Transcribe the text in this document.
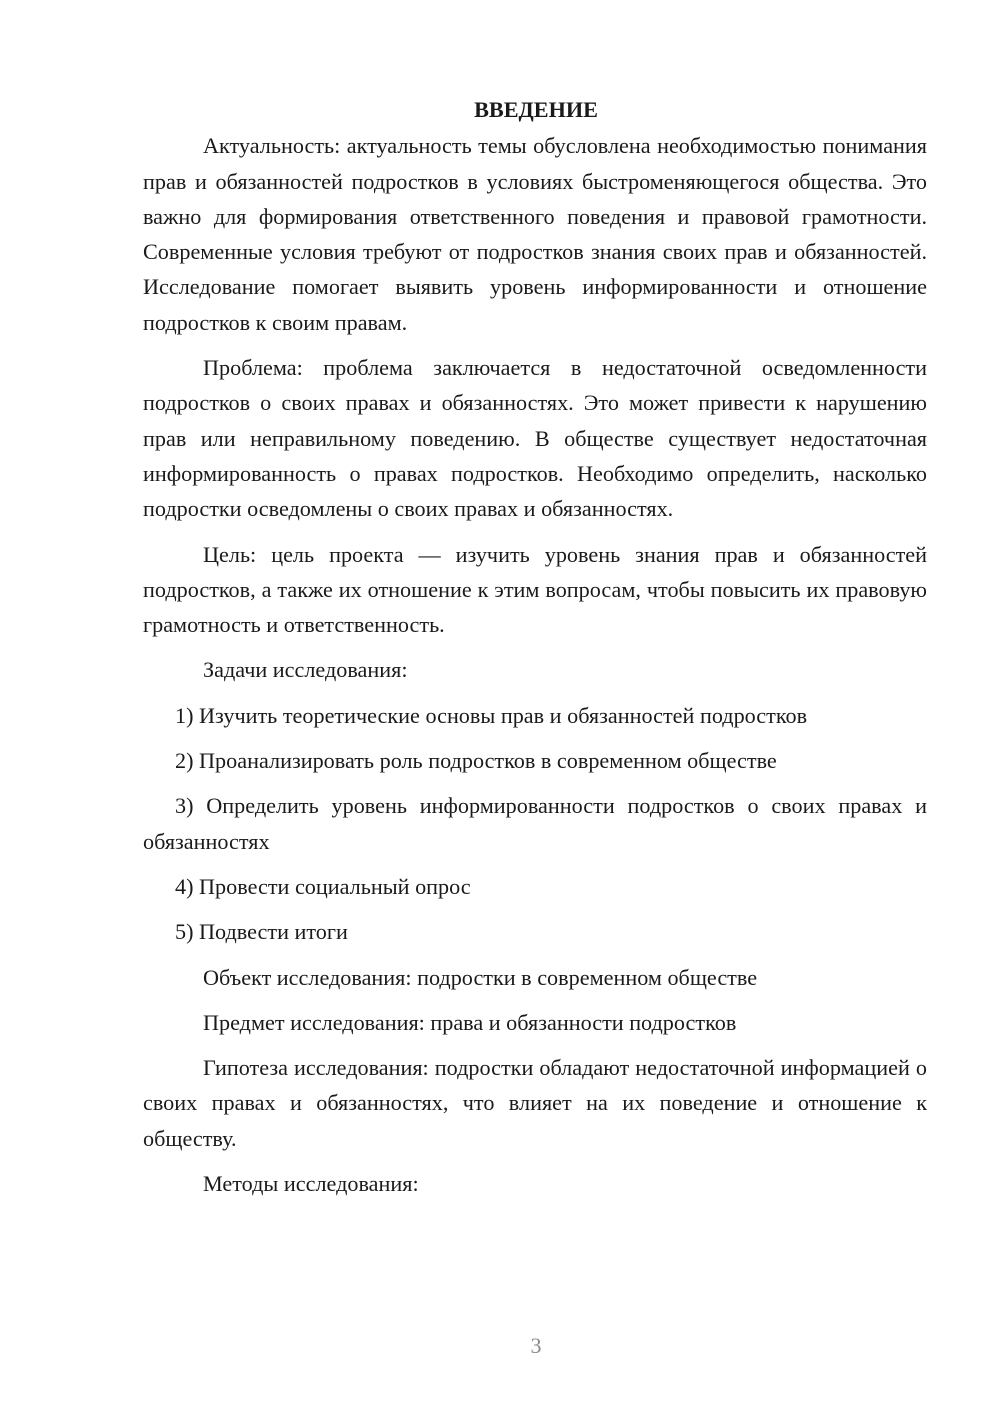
ВВЕДЕНИЕ

Актуальность: актуальность темы обусловлена необходимостью понимания прав и обязанностей подростков в условиях быстроменяющегося общества. Это важно для формирования ответственного поведения и правовой грамотности. Современные условия требуют от подростков знания своих прав и обязанностей. Исследование помогает выявить уровень информированности и отношение подростков к своим правам.

Проблема: проблема заключается в недостаточной осведомленности подростков о своих правах и обязанностях. Это может привести к нарушению прав или неправильному поведению. В обществе существует недостаточная информированность о правах подростков. Необходимо определить, насколько подростки осведомлены о своих правах и обязанностях.

Цель: цель проекта — изучить уровень знания прав и обязанностей подростков, а также их отношение к этим вопросам, чтобы повысить их правовую грамотность и ответственность.

Задачи исследования:

1) Изучить теоретические основы прав и обязанностей подростков

2) Проанализировать роль подростков в современном обществе

3) Определить уровень информированности подростков о своих правах и обязанностях

4) Провести социальный опрос

5) Подвести итоги

Объект исследования: подростки в современном обществе

Предмет исследования: права и обязанности подростков

Гипотеза исследования: подростки обладают недостаточной информацией о своих правах и обязанностях, что влияет на их поведение и отношение к обществу.

Методы исследования:

3
